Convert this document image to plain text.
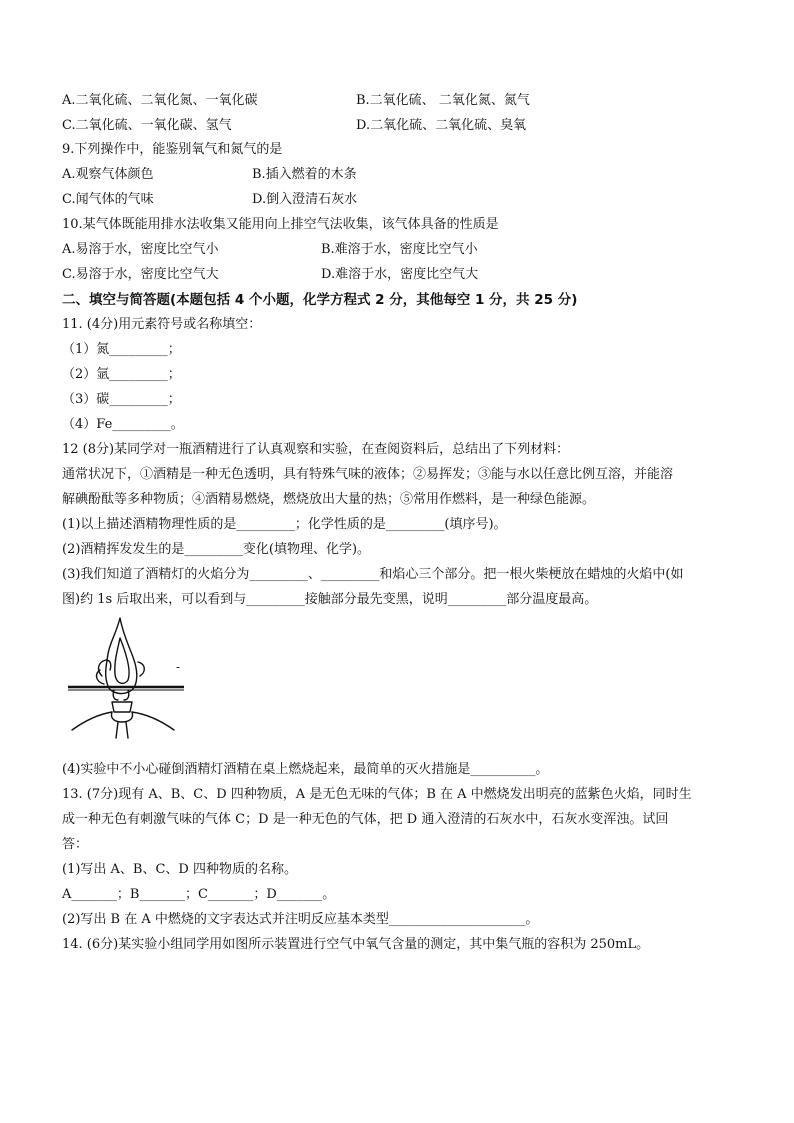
A.二氧化硫、二氧化氮、一氧化碳	B.二氧化硫、 二氧化氮、氮气
C.二氧化硫、一氧化碳、氢气	D.二氧化硫、二氧化硫、臭氧
9.下列操作中，能鉴别氧气和氮气的是
A.观察气体颜色	B.插入燃着的木条
C.闻气体的气味	D.倒入澄清石灰水
10.某气体既能用排水法收集又能用向上排空气法收集，该气体具备的性质是
A.易溶于水，密度比空气小	B.难溶于水，密度比空气小
C.易溶于水，密度比空气大	D.难溶于水，密度比空气大
二、填空与简答题(本题包括 4 个小题，化学方程式 2 分，其他每空 1 分，共 25 分)
11. (4分)用元素符号或名称填空：
（1）氮_________；
（2）氩_________；
（3）碳_________；
（4）Fe_________。
12 (8分)某同学对一瓶酒精进行了认真观察和实验，在查阅资料后，总结出了下列材料：
通常状况下，①酒精是一种无色透明，具有特殊气味的液体；②易挥发；③能与水以任意比例互溶，并能溶
解碘酚酞等多种物质；④酒精易燃烧，燃烧放出大量的热；⑤常用作燃料，是一种绿色能源。
(1)以上描述酒精物理性质的是_________；化学性质的是_________(填序号)。
(2)酒精挥发发生的是_________变化(填物理、化学)。
(3)我们知道了酒精灯的火焰分为_________、_________和焰心三个部分。把一根火柴梗放在蜡烛的火焰中(如
图)约 1s 后取出来，可以看到与_________接触部分最先变黑，说明_________部分温度最高。
-
(4)实验中不小心碰倒酒精灯酒精在桌上燃烧起来，最简单的灭火措施是__________。
13. (7分)现有 A、B、C、D 四种物质，A 是无色无味的气体；B 在 A 中燃烧发出明亮的蓝紫色火焰，同时生
成一种无色有刺激气味的气体 C；D 是一种无色的气体，把 D 通入澄清的石灰水中，石灰水变浑浊。试回
答：
(1)写出 A、B、C、D 四种物质的名称。
A_______；B_______；C_______；D_______。
(2)写出 B 在 A 中燃烧的文字表达式并注明反应基本类型_____________________。
14. (6分)某实验小组同学用如图所示装置进行空气中氧气含量的测定，其中集气瓶的容积为 250mL。
